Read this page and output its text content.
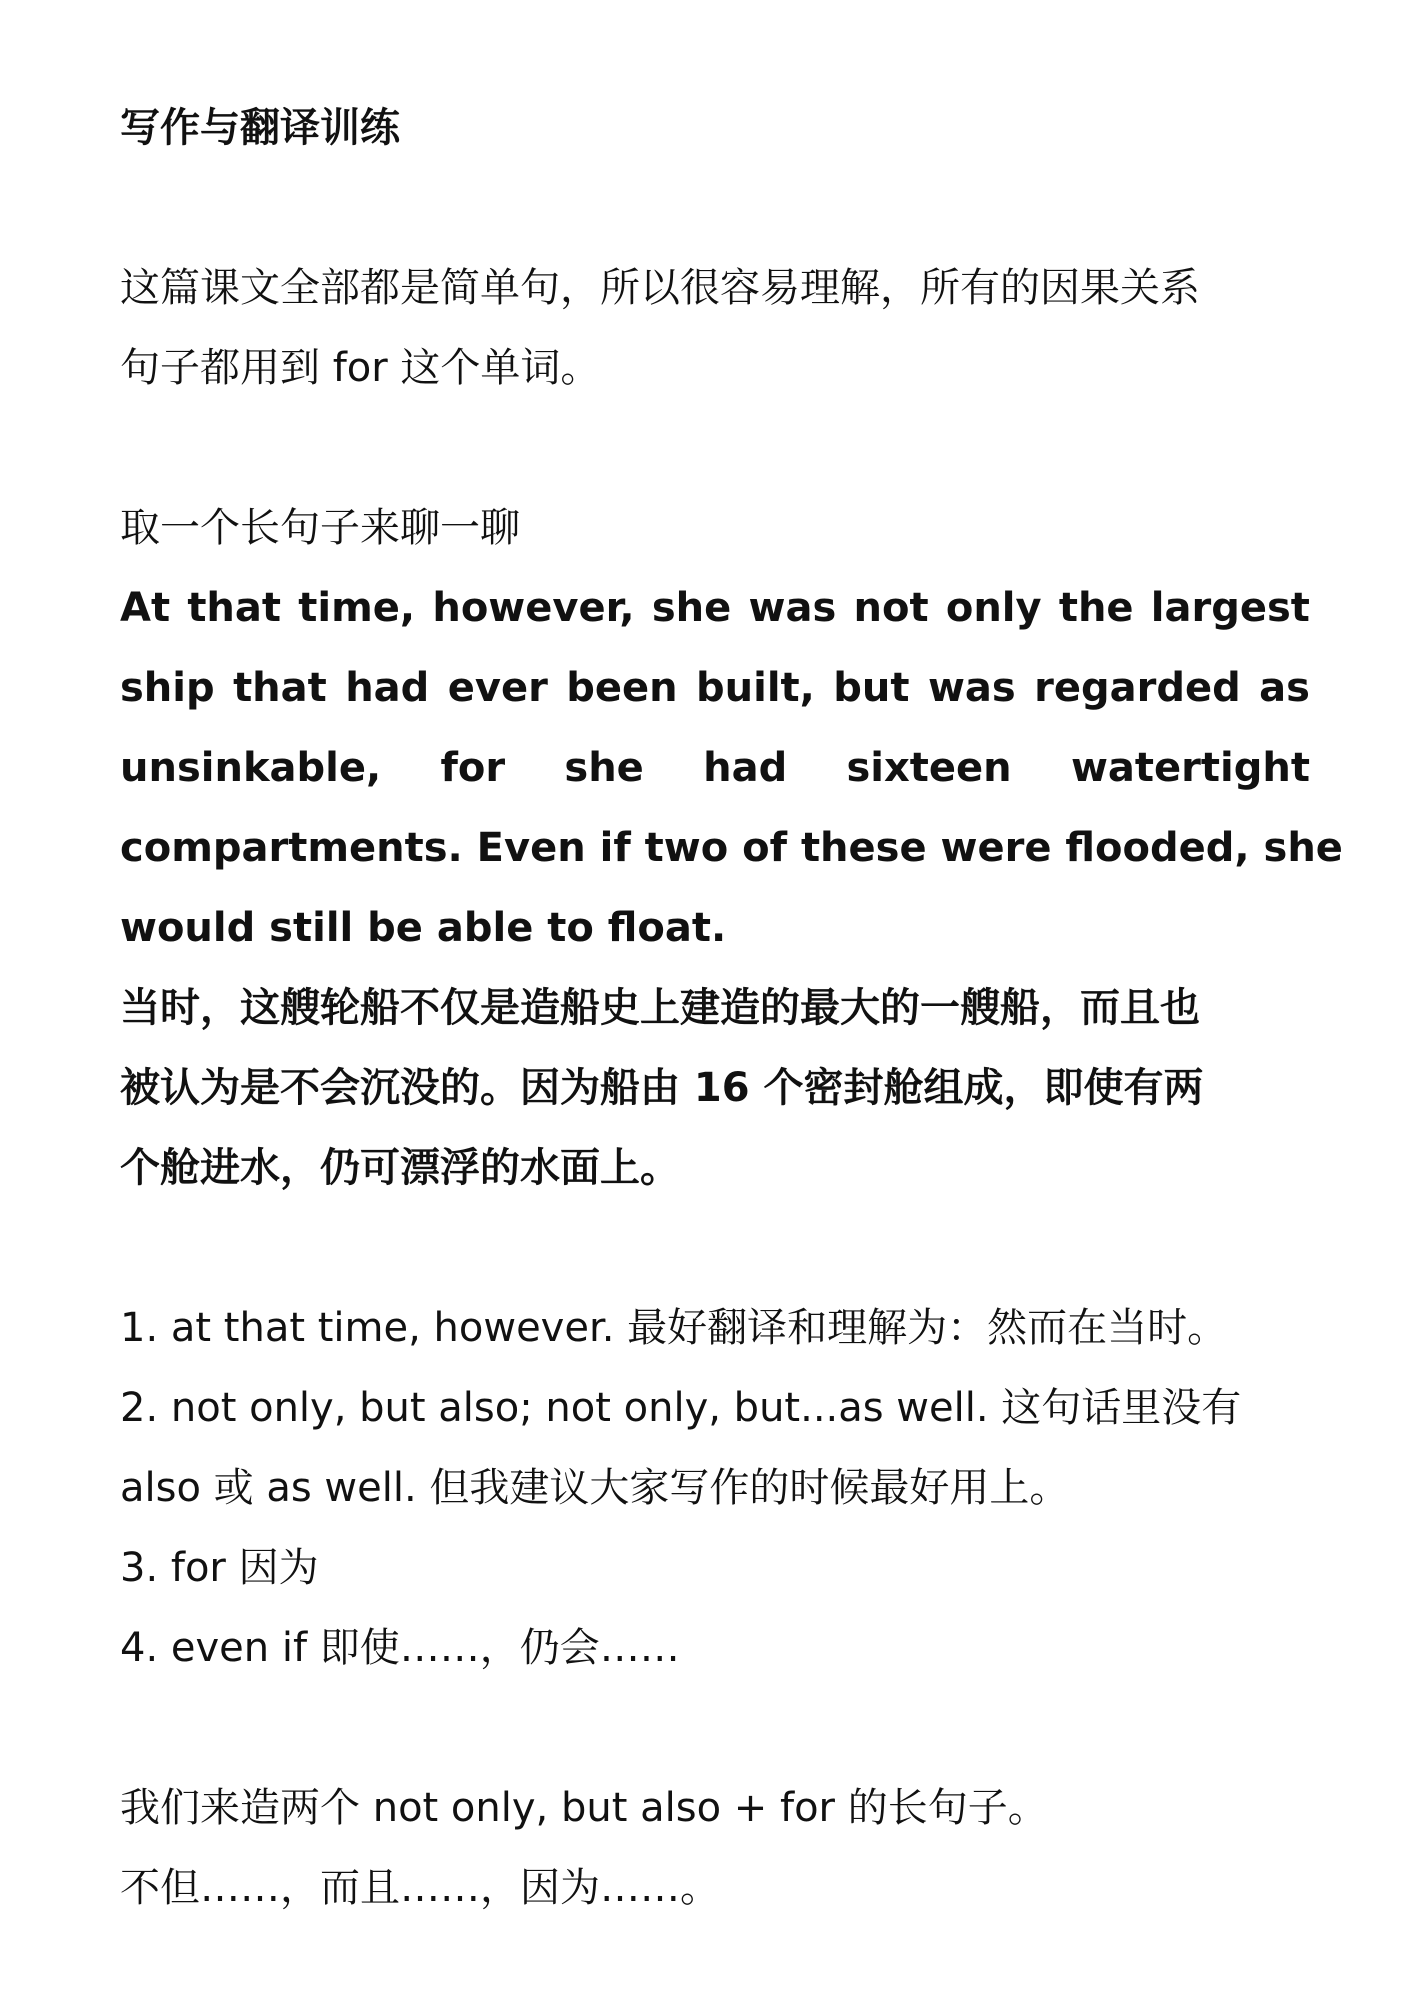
写作与翻译训练
这篇课文全部都是简单句，所以很容易理解，所有的因果关系
句子都用到 for 这个单词。
取一个长句子来聊一聊
At that time, however, she was not only the largest
ship that had ever been built, but was regarded as
unsinkable, for she had sixteen watertight
compartments. Even if two of these were flooded, she
would still be able to float.
当时，这艘轮船不仅是造船史上建造的最大的一艘船，而且也
被认为是不会沉没的。因为船由 16 个密封舱组成，即使有两
个舱进水，仍可漂浮的水面上。
1. at that time, however. 最好翻译和理解为：然而在当时。
2. not only, but also; not only, but...as well. 这句话里没有
also 或 as well. 但我建议大家写作的时候最好用上。
3. for 因为
4. even if 即使……，仍会……
我们来造两个 not only, but also + for 的长句子。
不但……，而且……，因为……。
